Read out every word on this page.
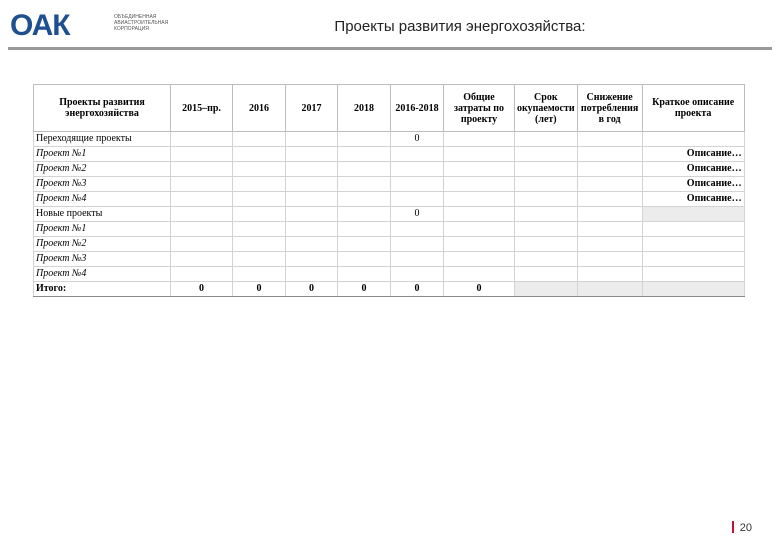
ОАК	ОБЪЕДИНЕННАЯ АВИАСТРОИТЕЛЬНАЯ КОРПОРАЦИЯ	Проекты развития энергохозяйства:
Проекты развития энергохозяйства	2015–пр.	2016	2017	2018	2016-2018	Общие затраты по проекту	Срок окупаемости (лет)	Снижение потребления в год	Краткое описание проекта
Переходящие проекты					0				
Проект №1									Описание…
Проект №2									Описание…
Проект №3									Описание…
Проект №4									Описание…
Новые проекты					0				
Проект №1									
Проект №2									
Проект №3									
Проект №4									
Итого:	0	0	0	0	0	0			
20
